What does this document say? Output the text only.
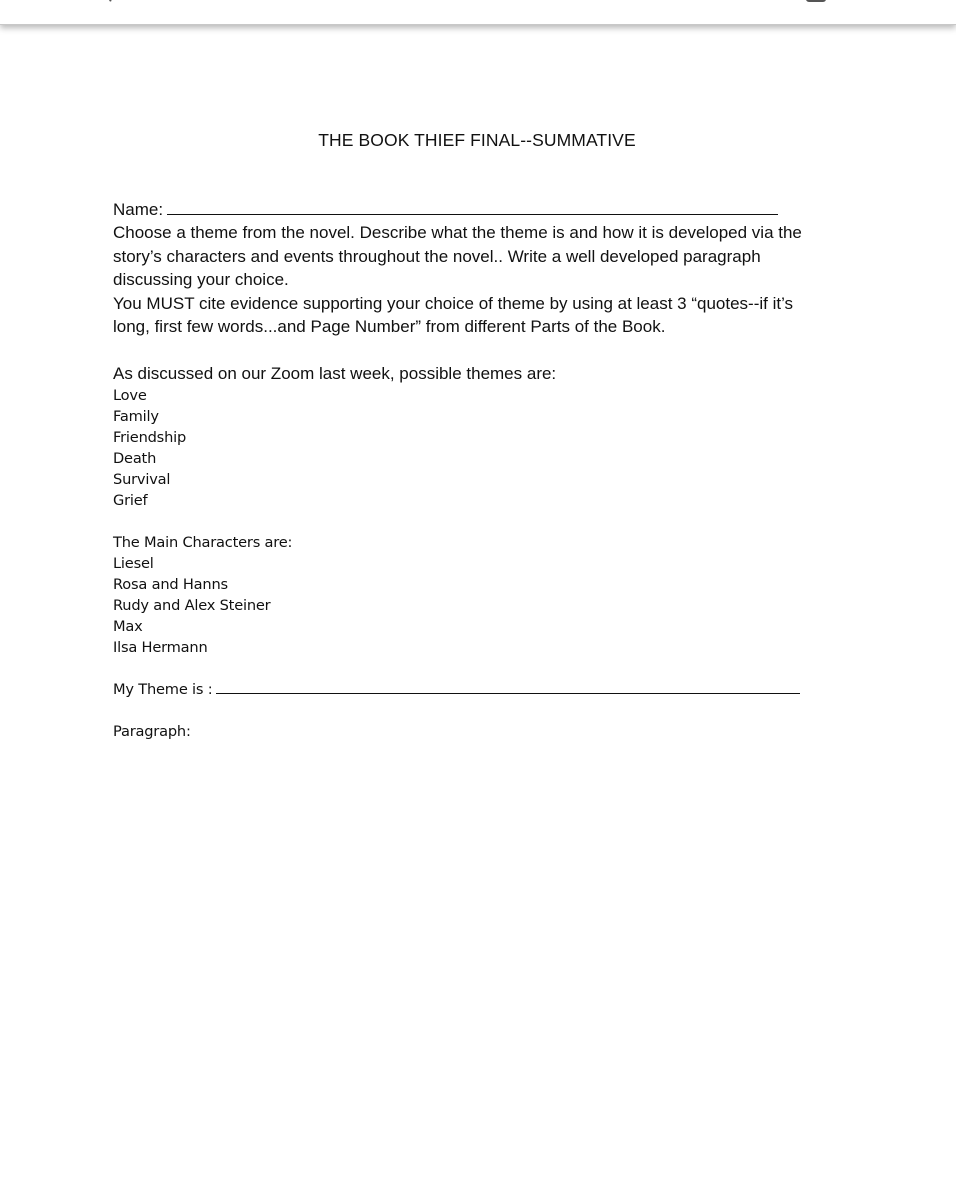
THE BOOK THIEF FINAL--SUMMATIVE
Name:
Choose a theme from the novel. Describe what the theme is and how it is developed via the
story’s characters and events throughout the novel.. Write a well developed paragraph
discussing your choice.
You MUST cite evidence supporting your choice of theme by using at least 3 “quotes--if it’s
long, first few words...and Page Number” from different Parts of the Book.
As discussed on our Zoom last week, possible themes are:
Love
Family
Friendship
Death
Survival
Grief
The Main Characters are:
Liesel
Rosa and Hanns
Rudy and Alex Steiner
Max
Ilsa Hermann
My Theme is :
Paragraph:
